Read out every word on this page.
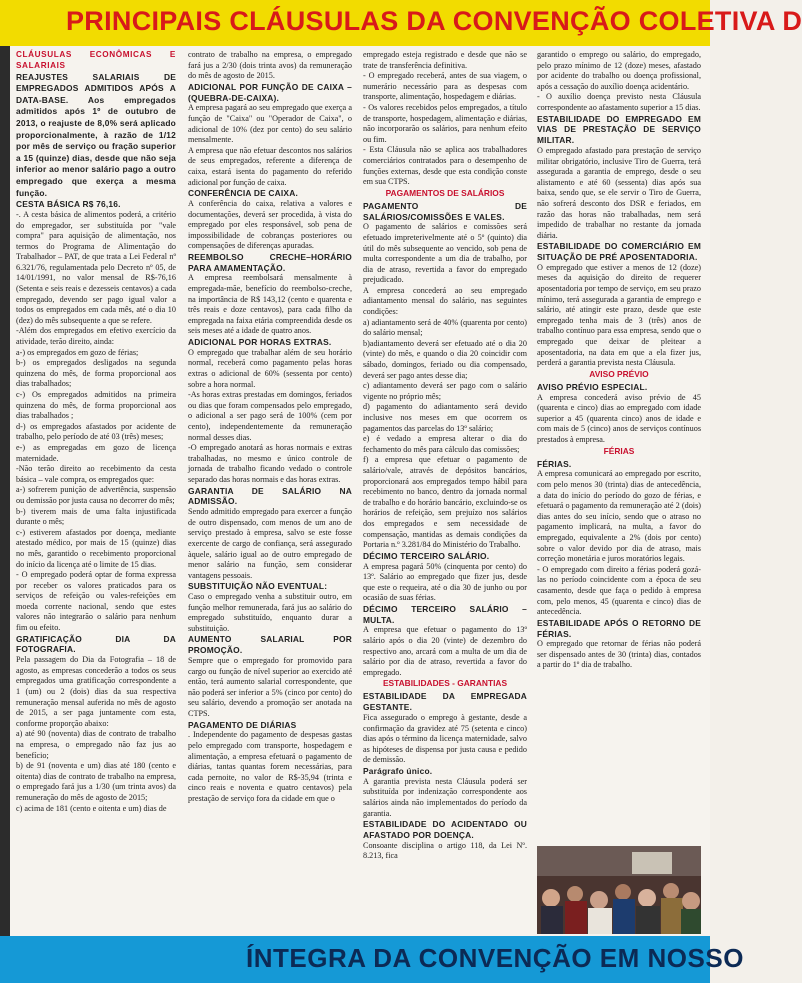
PRINCIPAIS CLÁUSULAS DA CONVENÇÃO COLETIVA D

CLÁUSULAS ECONÔMICAS E SALARIAIS

REAJUSTES SALARIAIS DE EMPREGADOS ADMITIDOS APÓS A DATA-BASE. Aos empregados admitidos após 1º de outubro de 2013, o reajuste de 8,0% será aplicado proporcionalmente, à razão de 1/12 por mês de serviço ou fração superior a 15 (quinze) dias, desde que não seja inferior ao menor salário pago a outro empregado que exerça a mesma função.

CESTA BÁSICA R$ 76,16.

-. A cesta básica de alimentos poderá, a critério do empregador, ser substituída por "vale compra" para aquisição de alimentação, nos termos do Programa de Alimentação do Trabalhador – PAT, de que trata a Lei Federal nº 6.321/76, regulamentada pelo Decreto nº 05, de 14/01/1991, no valor mensal de R$-76,16 (Setenta e seis reais e dezesseis centavos) a cada empregado, devendo ser pago igual valor a todos os empregados em cada mês, até o dia 10 (dez) do mês subsequente a que se refere.

-Além dos empregados em efetivo exercício da atividade, terão direito, ainda:

a-) os empregados em gozo de férias;

b-) os empregados desligados na segunda quinzena do mês, de forma proporcional aos dias trabalhados;

c-) Os empregados admitidos na primeira quinzena do mês, de forma proporcional aos dias trabalhados ;

d-) os empregados afastados por acidente de trabalho, pelo período de até 03 (três) meses;

e-) as empregadas em gozo de licença maternidade.

-Não terão direito ao recebimento da cesta básica – vale compra, os empregados que:

a-) sofrerem punição de advertência, suspensão ou demissão por justa causa no decorrer do mês;

b-) tiverem mais de uma falta injustificada durante o mês;

c-) estiverem afastados por doença, mediante atestado médico, por mais de 15 (quinze) dias no mês, garantido o recebimento proporcional do início da licença até o limite de 15 dias.

- O empregado poderá optar de forma expressa por receber os valores praticados para os serviços de refeição ou vales-refeições em moeda corrente nacional, sendo que estes valores não integrarão o salário para nenhum fim ou efeito.

GRATIFICAÇÃO DIA DA FOTOGRAFIA.

Pela passagem do Dia da Fotografia – 18 de agosto, as empresas concederão a todos os seus empregados uma gratificação correspondente a 1 (um) ou 2 (dois) dias da sua respectiva remuneração mensal auferida no mês de agosto de 2015, a ser paga juntamente com esta, conforme proporção abaixo:

a) até 90 (noventa) dias de contrato de trabalho na empresa, o empregado não faz jus ao benefício;

b) de 91 (noventa e um) dias até 180 (cento e oitenta) dias de contrato de trabalho na empresa, o empregado fará jus a 1/30 (um trinta avos) da remuneração do mês de agosto de 2015;

c) acima de 181 (cento e oitenta e um) dias de

contrato de trabalho na empresa, o empregado fará jus a 2/30 (dois trinta avos) da remuneração do mês de agosto de 2015.

ADICIONAL POR FUNÇÃO DE CAIXA – (QUEBRA-DE-CAIXA).

A empresa pagará ao seu empregado que exerça a função de "Caixa" ou "Operador de Caixa", o adicional de 10% (dez por cento) do seu salário mensalmente.

A empresa que não efetuar descontos nos salários de seus empregados, referente a diferença de caixa, estará isenta do pagamento do referido adicional por função de caixa.

CONFERÊNCIA DE CAIXA.

A conferência do caixa, relativa a valores e documentações, deverá ser procedida, à vista do empregado por eles responsável, sob pena de impossibilidade de cobranças posteriores ou compensações de diferenças apuradas.

REEMBOLSO CRECHE–HORÁRIO PARA AMAMENTAÇÃO.

A empresa reembolsará mensalmente à empregada-mãe, benefício do reembolso-creche, na importância de R$ 143,12 (cento e quarenta e três reais e doze centavos), para cada filho da empregada na faixa etária compreendida desde os seis meses até a idade de quatro anos.

ADICIONAL POR HORAS EXTRAS.

O empregado que trabalhar além de seu horário normal, receberá como pagamento pelas horas extras o adicional de 60% (sessenta por cento) sobre a hora normal.

-As horas extras prestadas em domingos, feriados ou dias que foram compensados pelo empregado, o adicional a ser pago será de 100% (cem por cento), independentemente da remuneração normal desses dias.

-O empregado anotará as horas normais e extras trabalhadas, no mesmo e único controle de jornada de trabalho ficando vedado o controle separado das horas normais e das horas extras.

GARANTIA DE SALÁRIO NA ADMISSÃO.

Sendo admitido empregado para exercer a função de outro dispensado, com menos de um ano de serviço prestado à empresa, salvo se este fosse exercente de cargo de confiança, será assegurado àquele, salário igual ao de outro empregado de menor salário na função, sem considerar vantagens pessoais.

SUBSTITUIÇÃO NÃO EVENTUAL:

Caso o empregado venha a substituir outro, em função melhor remunerada, fará jus ao salário do empregado substituído, enquanto durar a substituição.

AUMENTO SALARIAL POR PROMOÇÃO.

Sempre que o empregado for promovido para cargo ou função de nível superior ao exercido até então, terá aumento salarial correspondente, que não poderá ser inferior a 5% (cinco por cento) do seu salário, devendo a promoção ser anotada na CTPS.

PAGAMENTO DE DIÁRIAS

. Independente do pagamento de despesas gastas pelo empregado com transporte, hospedagem e alimentação, a empresa efetuará o pagamento de diárias, tantas quantas forem necessárias, para cada pernoite, no valor de R$-35,94 (trinta e cinco reais e noventa e quatro centavos) pela prestação de serviço fora da cidade em que o

empregado esteja registrado e desde que não se trate de transferência definitiva.

- O empregado receberá, antes de sua viagem, o numerário necessário para as despesas com transporte, alimentação, hospedagem e diárias.

- Os valores recebidos pelos empregados, a título de transporte, hospedagem, alimentação e diárias, não incorporarão os salários, para nenhum efeito ou fim.

- Esta Cláusula não se aplica aos trabalhadores comerciários contratados para o desempenho de funções externas, desde que esta condição conste em sua CTPS.

PAGAMENTOS DE SALÁRIOS

PAGAMENTO DE SALÁRIOS/COMISSÕES E VALES.

O pagamento de salários e comissões será efetuado impreterivelmente até o 5º (quinto) dia útil do mês subsequente ao vencido, sob pena de multa correspondente a um dia de trabalho, por dia de atraso, revertida a favor do empregado prejudicado.

A empresa concederá ao seu empregado adiantamento mensal do salário, nas seguintes condições:

a) adiantamento será de 40% (quarenta por cento) do salário mensal;

b)adiantamento deverá ser efetuado até o dia 20 (vinte) do mês, e quando o dia 20 coincidir com sábado, domingos, feriado ou dia compensado, deverá ser pago antes desse dia;

c) adiantamento deverá ser pago com o salário vigente no próprio mês;

d) pagamento do adiantamento será devido inclusive nos meses em que ocorrem os pagamentos das parcelas do 13º salário;

e) é vedado a empresa alterar o dia do fechamento do mês para cálculo das comissões;

f) a empresa que efetuar o pagamento de salário/vale, através de depósitos bancários, proporcionará aos empregados tempo hábil para recebimento no banco, dentro da jornada normal de trabalho e do horário bancário, excluindo-se os horários de refeição, sem prejuízo nos salários dos empregados e sem necessidade de compensação, mantidas as demais condições da Portaria n.º 3.281/84 do Ministério do Trabalho.

DÉCIMO TERCEIRO SALÁRIO.

A empresa pagará 50% (cinquenta por cento) do 13º. Salário ao empregado que fizer jus, desde que este o requeira, até o dia 30 de junho ou por ocasião de suas férias.

DÉCIMO TERCEIRO SALÁRIO – MULTA.

A empresa que efetuar o pagamento do 13º salário após o dia 20 (vinte) de dezembro do respectivo ano, arcará com a multa de um dia de salário por dia de atraso, revertida a favor do empregado.

ESTABILIDADES - GARANTIAS

ESTABILIDADE DA EMPREGADA GESTANTE.

Fica assegurado o emprego à gestante, desde a confirmação da gravidez até 75 (setenta e cinco) dias após o término da licença maternidade, salvo as hipóteses de dispensa por justa causa e pedido de demissão.

Parágrafo único.

A garantia prevista nesta Cláusula poderá ser substituída por indenização correspondente aos salários ainda não implementados do período da garantia.

ESTABILIDADE DO ACIDENTADO OU AFASTADO POR DOENÇA.

Consoante disciplina o artigo 118, da Lei Nº. 8.213, fica

garantido o emprego ou salário, do empregado, pelo prazo mínimo de 12 (doze) meses, afastado por acidente do trabalho ou doença profissional, após a cessação do auxílio doença acidentário.

- O auxílio doença previsto nesta Cláusula correspondente ao afastamento superior a 15 dias.

ESTABILIDADE DO EMPREGADO EM VIAS DE PRESTAÇÃO DE SERVIÇO MILITAR.

O empregado afastado para prestação de serviço militar obrigatório, inclusive Tiro de Guerra, terá assegurada a garantia de emprego, desde o seu alistamento e até 60 (sessenta) dias após sua baixa, sendo que, se ele servir o Tiro de Guerra, não sofrerá desconto dos DSR e feriados, em razão das horas não trabalhadas, nem será impedido de trabalhar no restante da jornada diária.

ESTABILIDADE DO COMERCIÁRIO EM SITUAÇÃO DE PRÉ APOSENTADORIA.

O empregado que estiver a menos de 12 (doze) meses da aquisição do direito de requerer aposentadoria por tempo de serviço, em seu prazo mínimo, terá assegurada a garantia de emprego e salário, até atingir este prazo, desde que este empregado tenha mais de 3 (três) anos de trabalho contínuo para essa empresa, sendo que o empregado que deixar de pleitear a aposentadoria, na data em que a ela fizer jus, perderá a garantia prevista nesta Cláusula.

AVISO PRÉVIO

AVISO PRÉVIO ESPECIAL.

A empresa concederá aviso prévio de 45 (quarenta e cinco) dias ao empregado com idade superior a 45 (quarenta cinco) anos de idade e com mais de 5 (cinco) anos de serviços contínuos prestados à empresa.

FÉRIAS

FÉRIAS.

A empresa comunicará ao empregado por escrito, com pelo menos 30 (trinta) dias de antecedência, a data do início do período do gozo de férias, e efetuará o pagamento da remuneração até 2 (dois) dias antes do seu início, sendo que o atraso no pagamento implicará, na multa, a favor do empregado, equivalente a 2% (dois por cento) sobre o valor devido por dia de atraso, mais correção monetária e juros moratórios legais.

- O empregado com direito a férias poderá gozá-las no período coincidente com a época de seu casamento, desde que faça o pedido à empresa com, pelo menos, 45 (quarenta e cinco) dias de antecedência.

ESTABILIDADE APÓS O RETORNO DE FÉRIAS.

O empregado que retornar de férias não poderá ser dispensado antes de 30 (trinta) dias, contados a partir do 1º dia de trabalho.

ÍNTEGRA DA CONVENÇÃO EM NOSSO
